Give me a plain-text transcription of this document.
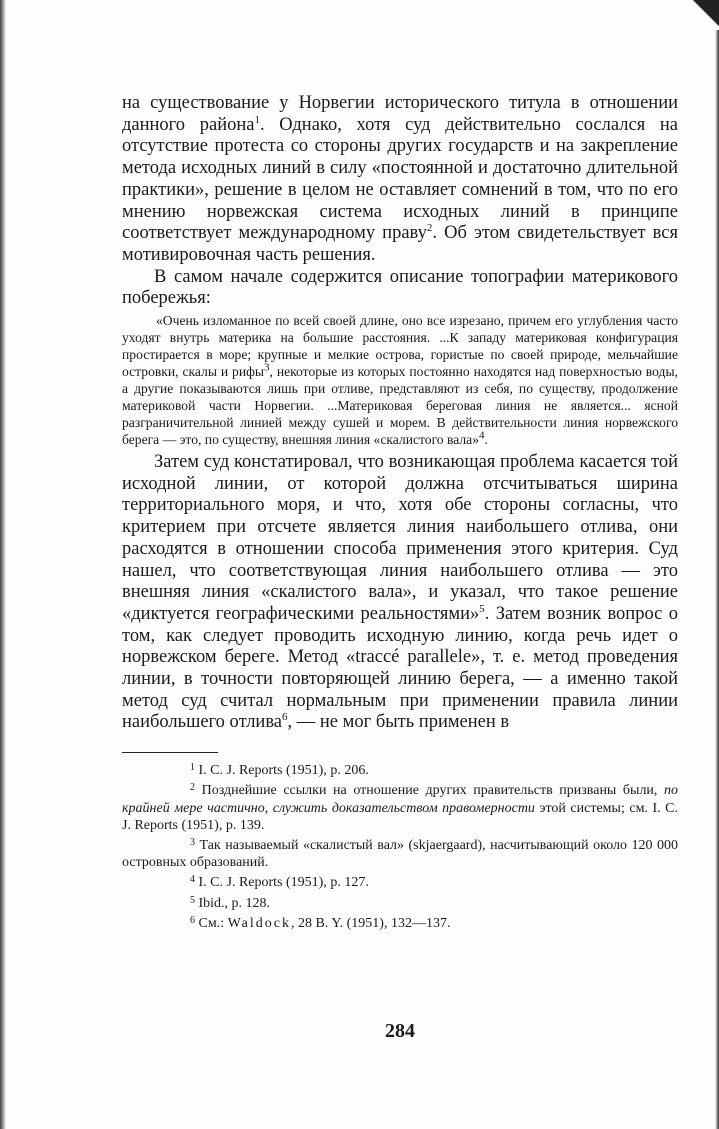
на существование у Норвегии исторического титула в отношении данного района$^1$. Однако, хотя суд действительно сослался на отсутствие протеста со стороны других государств и на закрепление метода исходных линий в силу «постоянной и достаточно длительной практики», решение в целом не оставляет сомнений в том, что по его мнению норвежская система исходных линий в принципе соответствует международному праву$^2$. Об этом свидетельствует вся мотивировочная часть решения.

В самом начале содержится описание топографии материкового побережья:

«Очень изломанное по всей своей длине, оно все изрезано, причем его углубления часто уходят внутрь материка на большие расстояния. ...К западу материковая конфигурация простирается в море; крупные и мелкие острова, гористые по своей природе, мельчайшие островки, скалы и рифы$^3$, некоторые из которых постоянно находятся над поверхностью воды, а другие показываются лишь при отливе, представляют из себя, по существу, продолжение материковой части Норвегии. ...Материковая береговая линия не является... ясной разграничительной линией между сушей и морем. В действительности линия норвежского берега — это, по существу, внешняя линия «скалистого вала»$^4$.

Затем суд констатировал, что возникающая проблема касается той исходной линии, от которой должна отсчитываться ширина территориального моря, и что, хотя обе стороны согласны, что критерием при отсчете является линия наибольшего отлива, они расходятся в отношении способа применения этого критерия. Суд нашел, что соответствующая линия наибольшего отлива — это внешняя линия «скалистого вала», и указал, что такое решение «диктуется географическими реальностями»$^5$. Затем возник вопрос о том, как следует проводить исходную линию, когда речь идет о норвежском береге. Метод «tracсé parallele», т. е. метод проведения линии, в точности повторяющей линию берега, — а именно такой метод суд считал нормальным при применении правила линии наибольшего отлива$^6$, — не мог быть применен в

1 I. C. J. Reports (1951), p. 206.

2 Позднейшие ссылки на отношение других правительств призваны были, по крайней мере частично, служить доказательством правомерности этой системы; см. I. C. J. Reports (1951), p. 139.

3 Так называемый «скалистый вал» (skjaergaard), насчитывающий около 120 000 островных образований.

4 I. C. J. Reports (1951), p. 127.

5 Ibid., p. 128.

6 См.: Waldock, 28 B. Y. (1951), 132—137.

284
